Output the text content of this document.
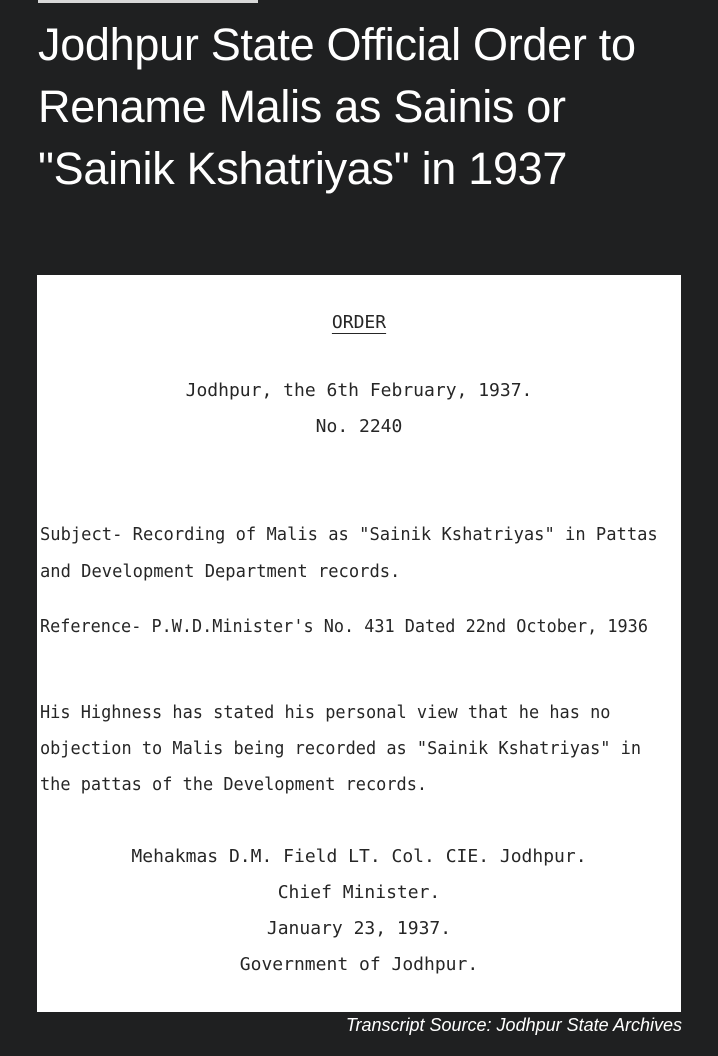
Jodhpur State Official Order to Rename Malis as Sainis or "Sainik Kshatriyas" in 1937
ORDER
Jodhpur, the 6th February, 1937.
No. 2240
Subject- Recording of Malis as "Sainik Kshatriyas" in Pattas
and Development Department records.
Reference- P.W.D.Minister's No. 431 Dated 22nd October, 1936
His Highness has stated his personal view that he has no
objection to Malis being recorded as "Sainik Kshatriyas" in
the pattas of the Development records.
Mehakmas D.M. Field LT. Col. CIE. Jodhpur.
Chief Minister.
January 23, 1937.
Government of Jodhpur.

Transcript Source: Jodhpur State Archives
